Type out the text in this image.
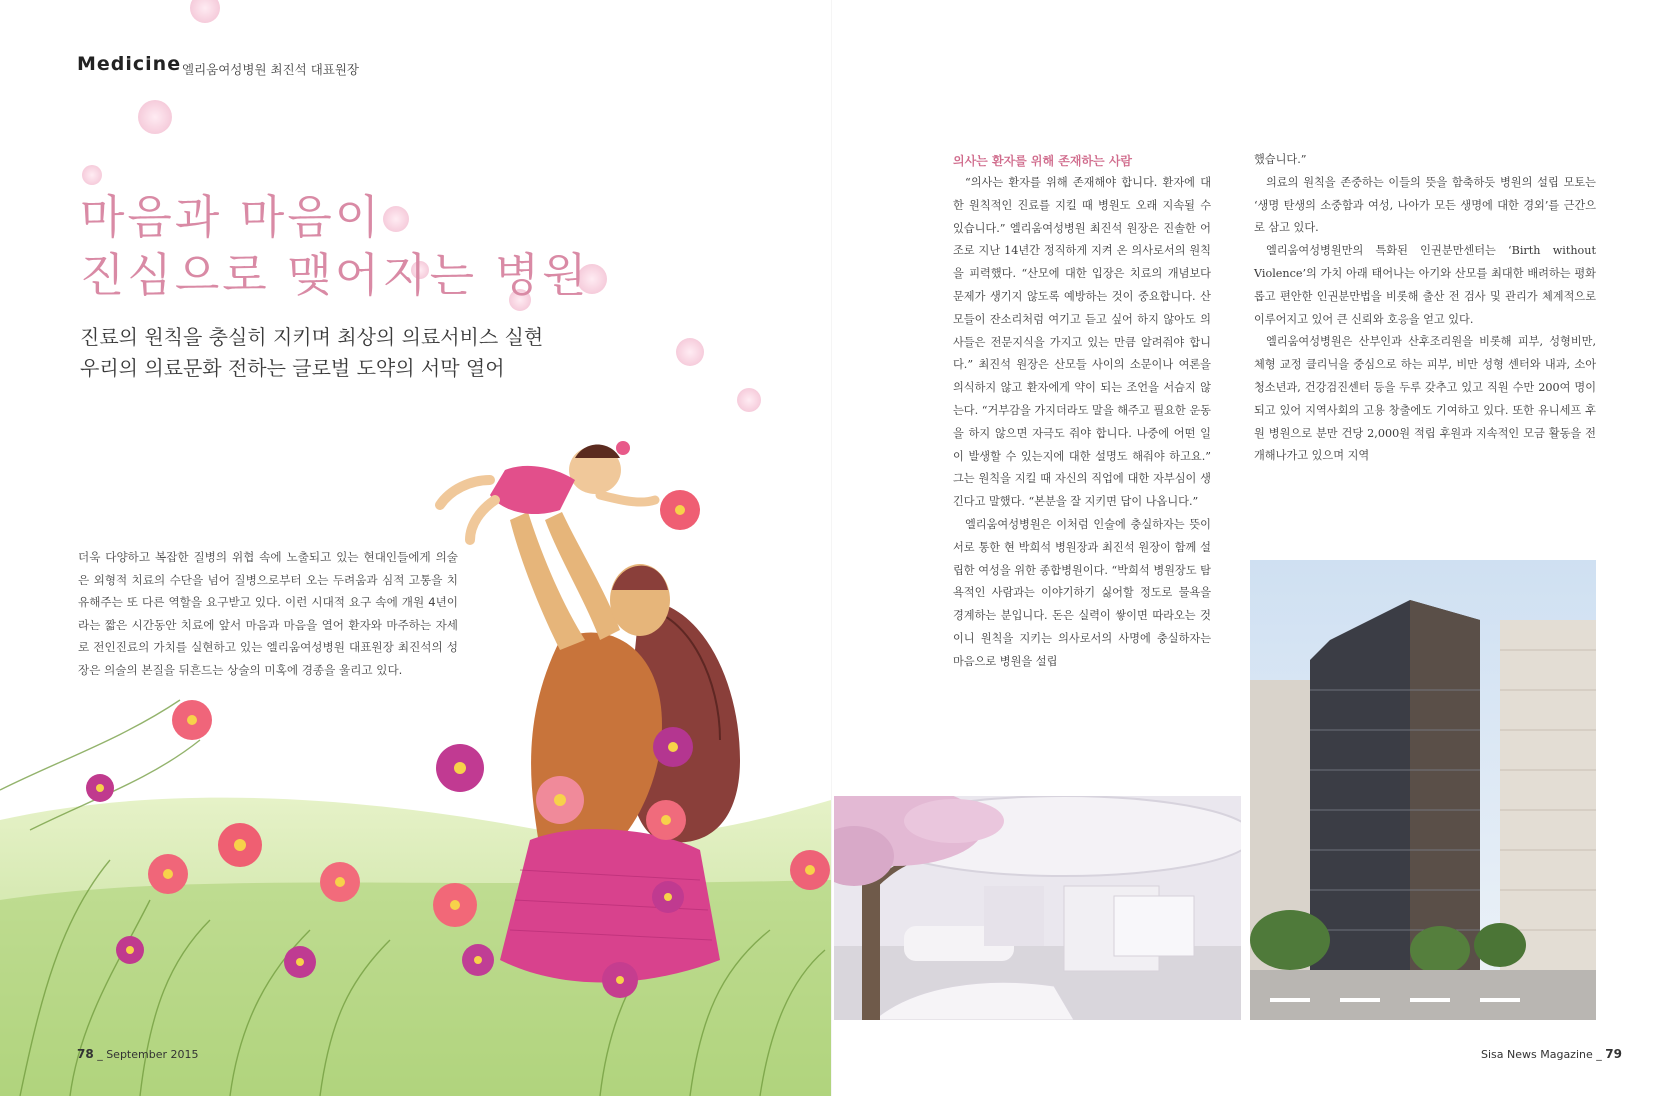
Medicine 엘리움여성병원 최진석 대표원장
마음과 마음이
진심으로 맺어지는 병원
진료의 원칙을 충실히 지키며 최상의 의료서비스 실현
우리의 의료문화 전하는 글로벌 도약의 서막 열어
더욱 다양하고 복잡한 질병의 위협 속에 노출되고 있는 현대인들에게 의술은 외형적 치료의 수단을 넘어 질병으로부터 오는 두려움과 심적 고통을 치유해주는 또 다른 역할을 요구받고 있다. 이런 시대적 요구 속에 개원 4년이라는 짧은 시간동안 치료에 앞서 마음과 마음을 열어 환자와 마주하는 자세로 전인진료의 가치를 실현하고 있는 엘리움여성병원 대표원장 최진석의 성장은 의술의 본질을 뒤흔드는 상술의 미혹에 경종을 울리고 있다.
의사는 환자를 위해 존재하는 사람

“의사는 환자를 위해 존재해야 합니다. 환자에 대한 원칙적인 진료를 지킬 때 병원도 오래 지속될 수 있습니다.” 엘리움여성병원 최진석 원장은 진솔한 어조로 지난 14년간 정직하게 지켜 온 의사로서의 원칙을 피력했다. “산모에 대한 입장은 치료의 개념보다 문제가 생기지 않도록 예방하는 것이 중요합니다. 산모들이 잔소리처럼 여기고 듣고 싶어 하지 않아도 의사들은 전문지식을 가지고 있는 만큼 알려줘야 합니다.” 최진석 원장은 산모들 사이의 소문이나 여론을 의식하지 않고 환자에게 약이 되는 조언을 서슴지 않는다. “거부감을 가지더라도 말을 해주고 필요한 운동을 하지 않으면 자극도 줘야 합니다. 나중에 어떤 일이 발생할 수 있는지에 대한 설명도 해줘야 하고요.” 그는 원칙을 지킬 때 자신의 직업에 대한 자부심이 생긴다고 말했다. “본분을 잘 지키면 답이 나옵니다.”

엘리움여성병원은 이처럼 인술에 충실하자는 뜻이 서로 통한 현 박희석 병원장과 최진석 원장이 함께 설립한 여성을 위한 종합병원이다. “박희석 병원장도 탐욕적인 사람과는 이야기하기 싫어할 정도로 물욕을 경계하는 분입니다. 돈은 실력이 쌓이면 따라오는 것이니 원칙을 지키는 의사로서의 사명에 충실하자는 마음으로 병원을 설립

했습니다.”

의료의 원칙을 존중하는 이들의 뜻을 함축하듯 병원의 설립 모토는 ‘생명 탄생의 소중함과 여성, 나아가 모든 생명에 대한 경외’를 근간으로 삼고 있다.

엘리움여성병원만의 특화된 인권분만센터는 ‘Birth without Violence’의 가치 아래 태어나는 아기와 산모를 최대한 배려하는 평화롭고 편안한 인권분만법을 비롯해 출산 전 검사 및 관리가 체계적으로 이루어지고 있어 큰 신뢰와 호응을 얻고 있다.

엘리움여성병원은 산부인과 산후조리원을 비롯해 피부, 성형비만, 체형 교정 클리닉을 중심으로 하는 피부, 비만 성형 센터와 내과, 소아청소년과, 건강검진센터 등을 두루 갖추고 있고 직원 수만 200여 명이 되고 있어 지역사회의 고용 창출에도 기여하고 있다. 또한 유니세프 후원 병원으로 분만 건당 2,000원 적립 후원과 지속적인 모금 활동을 전개해나가고 있으며 지역

78 _ September 2015	Sisa News Magazine _ 79
